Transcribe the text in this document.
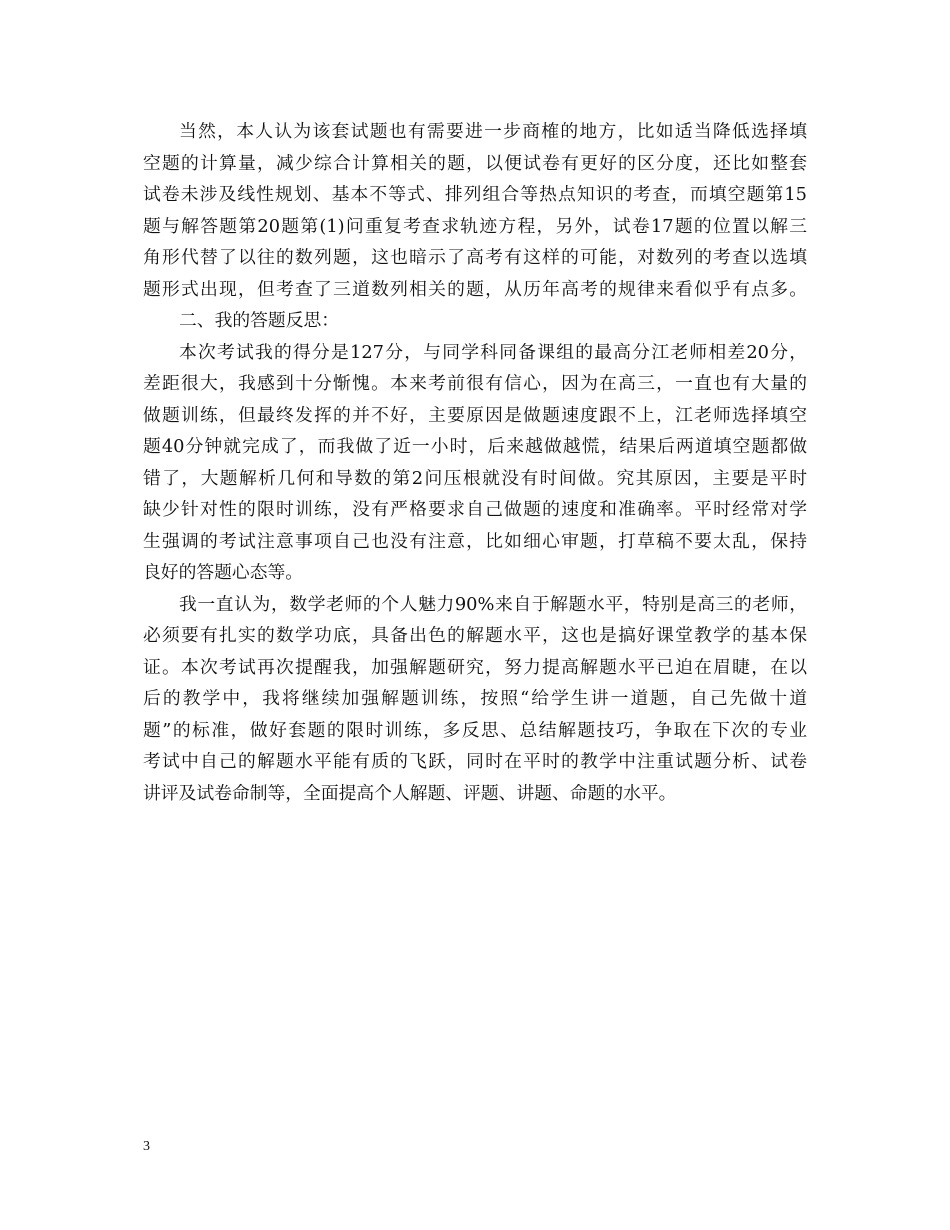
当然，本人认为该套试题也有需要进一步商榷的地方，比如适当降低选择填
空题的计算量，减少综合计算相关的题，以便试卷有更好的区分度，还比如整套
试卷未涉及线性规划、基本不等式、排列组合等热点知识的考查，而填空题第15
题与解答题第20题第(1)问重复考查求轨迹方程，另外，试卷17题的位置以解三
角形代替了以往的数列题，这也暗示了高考有这样的可能，对数列的考查以选填
题形式出现，但考查了三道数列相关的题，从历年高考的规律来看似乎有点多。
二、我的答题反思：
本次考试我的得分是127分，与同学科同备课组的最高分江老师相差20分，
差距很大，我感到十分惭愧。本来考前很有信心，因为在高三，一直也有大量的
做题训练，但最终发挥的并不好，主要原因是做题速度跟不上，江老师选择填空
题40分钟就完成了，而我做了近一小时，后来越做越慌，结果后两道填空题都做
错了，大题解析几何和导数的第2问压根就没有时间做。究其原因，主要是平时
缺少针对性的限时训练，没有严格要求自己做题的速度和准确率。平时经常对学
生强调的考试注意事项自己也没有注意，比如细心审题，打草稿不要太乱，保持
良好的答题心态等。
我一直认为，数学老师的个人魅力90%来自于解题水平，特别是高三的老师，
必须要有扎实的数学功底，具备出色的解题水平，这也是搞好课堂教学的基本保
证。本次考试再次提醒我，加强解题研究，努力提高解题水平已迫在眉睫，在以
后的教学中，我将继续加强解题训练，按照“给学生讲一道题，自己先做十道
题”的标准，做好套题的限时训练，多反思、总结解题技巧，争取在下次的专业
考试中自己的解题水平能有质的飞跃，同时在平时的教学中注重试题分析、试卷
讲评及试卷命制等，全面提高个人解题、评题、讲题、命题的水平。
3
